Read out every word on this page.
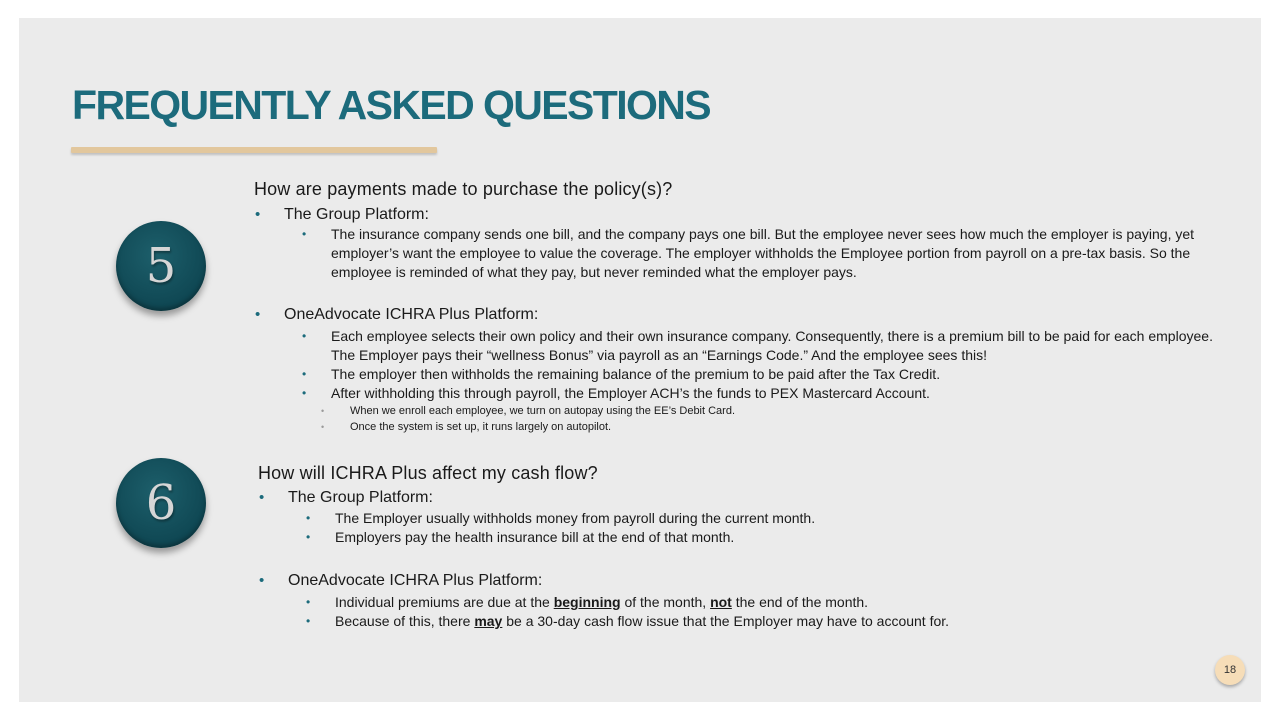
FREQUENTLY ASKED QUESTIONS
5
How are payments made to purchase the policy(s)?
• The Group Platform:
• The insurance company sends one bill, and the company pays one bill. But the employee never sees how much the employer is paying, yet employer’s want the employee to value the coverage. The employer withholds the Employee portion from payroll on a pre-tax basis. So the employee is reminded of what they pay, but never reminded what the employer pays.
• OneAdvocate ICHRA Plus Platform:
• Each employee selects their own policy and their own insurance company. Consequently, there is a premium bill to be paid for each employee. The Employer pays their “wellness Bonus” via payroll as an “Earnings Code.” And the employee sees this!
• The employer then withholds the remaining balance of the premium to be paid after the Tax Credit.
• After withholding this through payroll, the Employer ACH’s the funds to PEX Mastercard Account.
• When we enroll each employee, we turn on autopay using the EE’s Debit Card.
• Once the system is set up, it runs largely on autopilot.
6
How will ICHRA Plus affect my cash flow?
• The Group Platform:
• The Employer usually withholds money from payroll during the current month.
• Employers pay the health insurance bill at the end of that month.
• OneAdvocate ICHRA Plus Platform:
• Individual premiums are due at the beginning of the month, not the end of the month.
• Because of this, there may be a 30-day cash flow issue that the Employer may have to account for.
18
